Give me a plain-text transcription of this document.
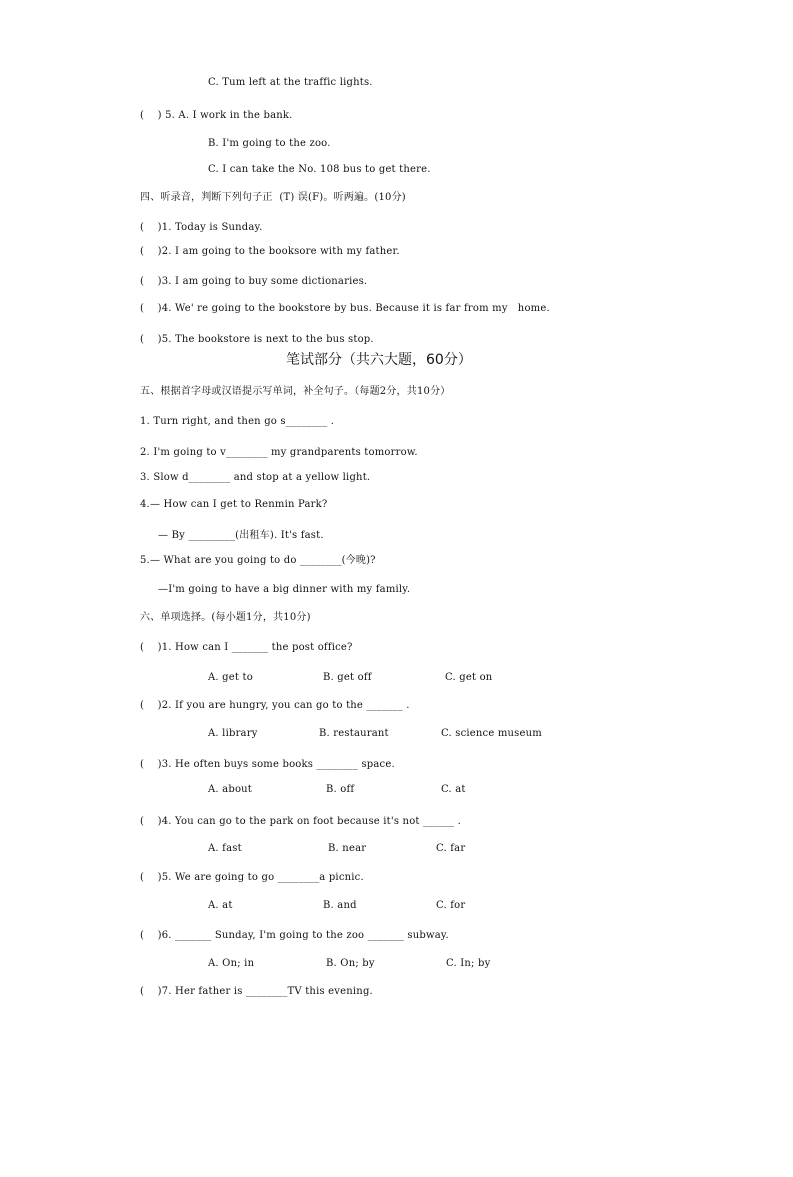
C. Tum left at the traffic lights.
(    ) 5. A. I work in the bank.
B. I'm going to the zoo.
C. I can take the No. 108 bus to get there.
四、听录音，判断下列句子正  (T) 误(F)。听两遍。(10分)
(    )1. Today is Sunday.
(    )2. I am going to the booksore with my father.
(    )3. I am going to buy some dictionaries.
(    )4. We' re going to the bookstore by bus. Because it is far from my   home.
(    )5. The bookstore is next to the bus stop.
笔试部分（共六大题，60分）
五、根据首字母或汉语提示写单词，补全句子。（每题2分，共10分）
1. Turn right, and then go s________ .
2. I'm going to v________ my grandparents tomorrow.
3. Slow d________ and stop at a yellow light.
4.— How can I get to Renmin Park?
— By _________(出租车). It's fast.
5.— What are you going to do ________(今晚)?
—I'm going to have a big dinner with my family.
六、单项选择。(每小题1分，共10分)
(    )1. How can I _______ the post office?
A. get to	B. get off	C. get on
(    )2. If you are hungry, you can go to the _______ .
A. library	B. restaurant	C. science museum
(    )3. He often buys some books ________ space.
A. about	B. off	C. at
(    )4. You can go to the park on foot because it's not ______ .
A. fast	B. near	C. far
(    )5. We are going to go ________a picnic.
A. at	B. and	C. for
(    )6. _______ Sunday, I'm going to the zoo _______ subway.
A. On; in	B. On; by	C. In; by
(    )7. Her father is ________TV this evening.
